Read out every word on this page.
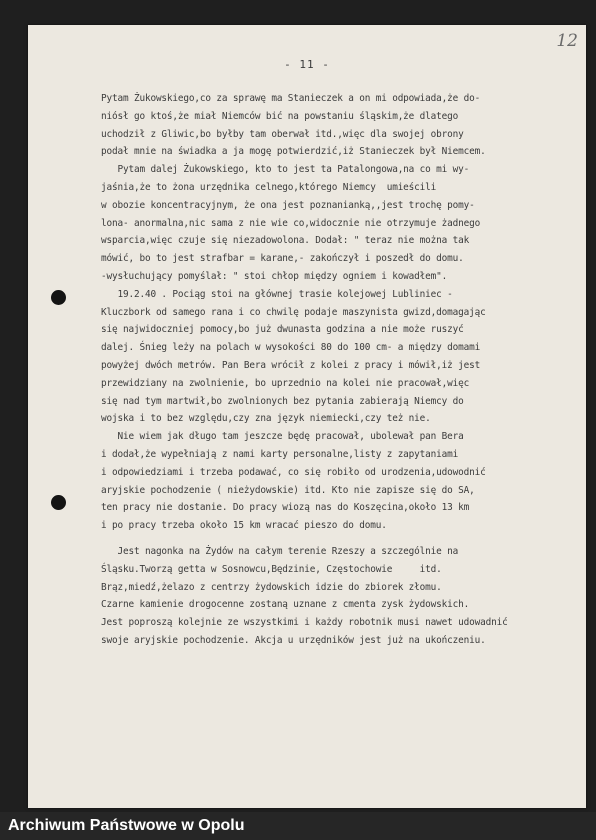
- 11 -
12
Pytam Żukowskiego,co za sprawę ma Stanieczek a on mi odpowiada,że do-
niósł go ktoś,że miał Niemców bić na powstaniu śląskim,że dlatego
uchodził z Gliwic,bo byłby tam oberwał itd.,więc dla swojej obrony
podał mnie na świadka a ja mogę potwierdzić,iż Stanieczek był Niemcem.
Pytam dalej Żukowskiego, kto to jest ta Patalongowa,na co mi wy-
jaśnia,że to żona urzędnika celnego,którego Niemcy  umieścili
w obozie koncentracyjnym, że ona jest poznanianką,,jest trochę pomy-
lona- anormalna,nic sama z nie wie co,widocznie nie otrzymuje żadnego
wsparcia,więc czuje się niezadowolona. Dodał: " teraz nie można tak
mówić, bo to jest strafbar = karane,- zakończył i poszedł do domu.
-wysłuchujący pomyślał: " stoi chłop między ogniem i kowadłem".
19.2.40 . Pociąg stoi na głównej trasie kolejowej Lubliniec -
Kluczbork od samego rana i co chwilę podaje maszynista gwizd,domagając
się najwidoczniej pomocy,bo już dwunasta godzina a nie może ruszyć
dalej. Śnieg leży na polach w wysokości 80 do 100 cm- a między domami
powyżej dwóch metrów. Pan Bera wrócił z kolei z pracy i mówił,iż jest
przewidziany na zwolnienie, bo uprzednio na kolei nie pracował,więc
się nad tym martwił,bo zwolnionych bez pytania zabierają Niemcy do
wojska i to bez względu,czy zna język niemiecki,czy też nie.
Nie wiem jak długo tam jeszcze będę pracował, ubolewał pan Bera
i dodał,że wypełniają z nami karty personalne,listy z zapytaniami
i odpowiedziami i trzeba podawać, co się robiło od urodzenia,udowodnić
aryjskie pochodzenie ( nieżydowskie) itd. Kto nie zapisze się do SA,
ten pracy nie dostanie. Do pracy wiozą nas do Koszęcina,około 13 km
i po pracy trzeba około 15 km wracać pieszo do domu.
Jest nagonka na Żydów na całym terenie Rzeszy a szczególnie na
Śląsku.Tworzą getta w Sosnowcu,Będzinie, Częstochowie     itd.
Brąz,miedź,żelazo z centrzy żydowskich idzie do zbiorek złomu.
Czarne kamienie drogocenne zostaną uznane z cmenta zysk żydowskich.
Jest poproszą kolejnie ze wszystkimi i każdy robotnik musi nawet udowadnić
swoje aryjskie pochodzenie. Akcja u urzędników jest już na ukończeniu.
Archiwum Państwowe w Opolu
